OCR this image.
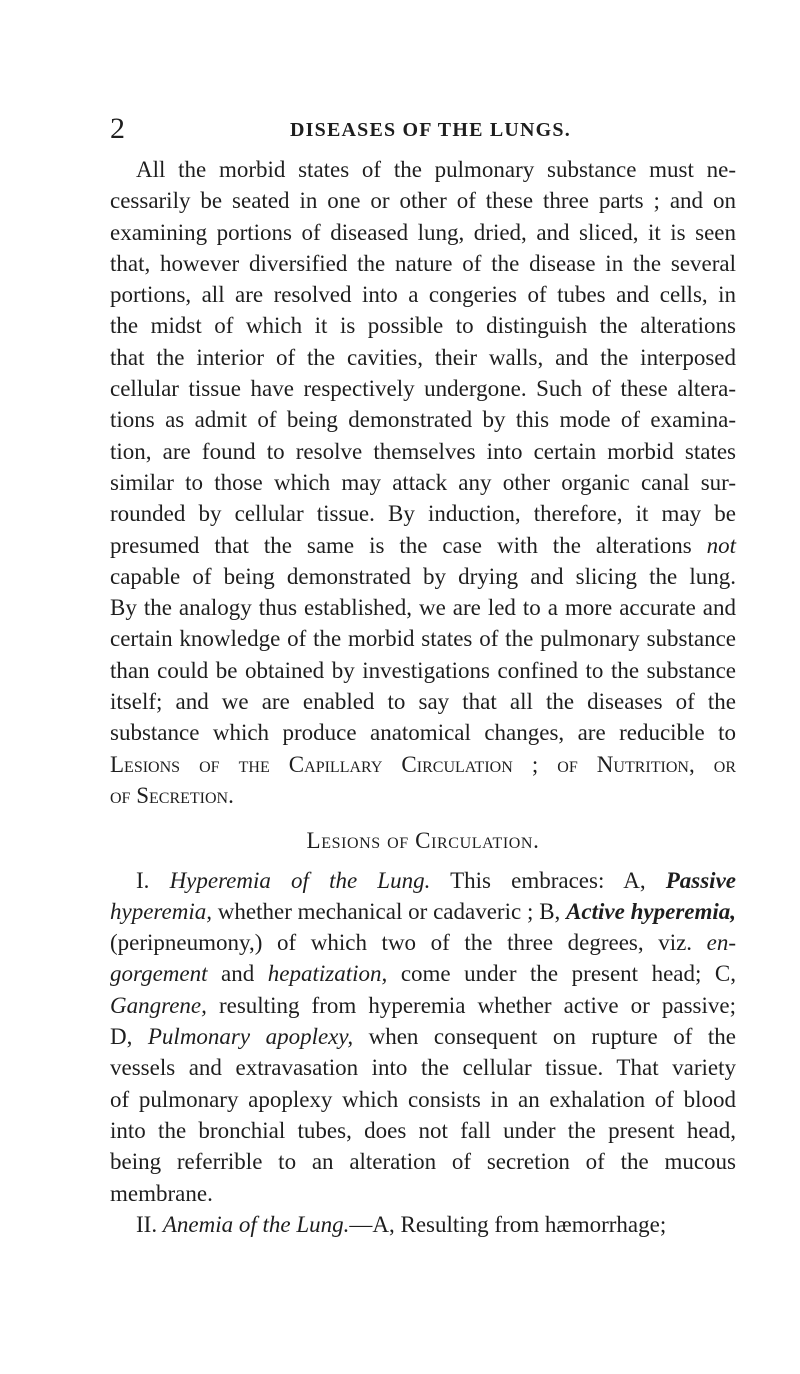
2	DISEASES OF THE LUNGS.
All the morbid states of the pulmonary substance must ne-
cessarily be seated in one or other of these three parts ; and on
examining portions of diseased lung, dried, and sliced, it is seen
that, however diversified the nature of the disease in the several
portions, all are resolved into a congeries of tubes and cells, in
the midst of which it is possible to distinguish the alterations
that the interior of the cavities, their walls, and the interposed
cellular tissue have respectively undergone. Such of these altera-
tions as admit of being demonstrated by this mode of examina-
tion, are found to resolve themselves into certain morbid states
similar to those which may attack any other organic canal sur-
rounded by cellular tissue. By induction, therefore, it may be
presumed that the same is the case with the alterations not
capable of being demonstrated by drying and slicing the lung.
By the analogy thus established, we are led to a more accurate and
certain knowledge of the morbid states of the pulmonary substance
than could be obtained by investigations confined to the substance
itself; and we are enabled to say that all the diseases of the
substance which produce anatomical changes, are reducible to
Lesions of the Capillary Circulation ; of Nutrition, or
of Secretion.
Lesions of Circulation.
I. Hyperemia of the Lung. This embraces: A, Passive
hyperemia, whether mechanical or cadaveric ; B, Active hyperemia,
(peripneumony,) of which two of the three degrees, viz. en-
gorgement and hepatization, come under the present head; C,
Gangrene, resulting from hyperemia whether active or passive;
D, Pulmonary apoplexy, when consequent on rupture of the
vessels and extravasation into the cellular tissue. That variety
of pulmonary apoplexy which consists in an exhalation of blood
into the bronchial tubes, does not fall under the present head,
being referrible to an alteration of secretion of the mucous
membrane.
II. Anemia of the Lung.—A, Resulting from hæmorrhage;
